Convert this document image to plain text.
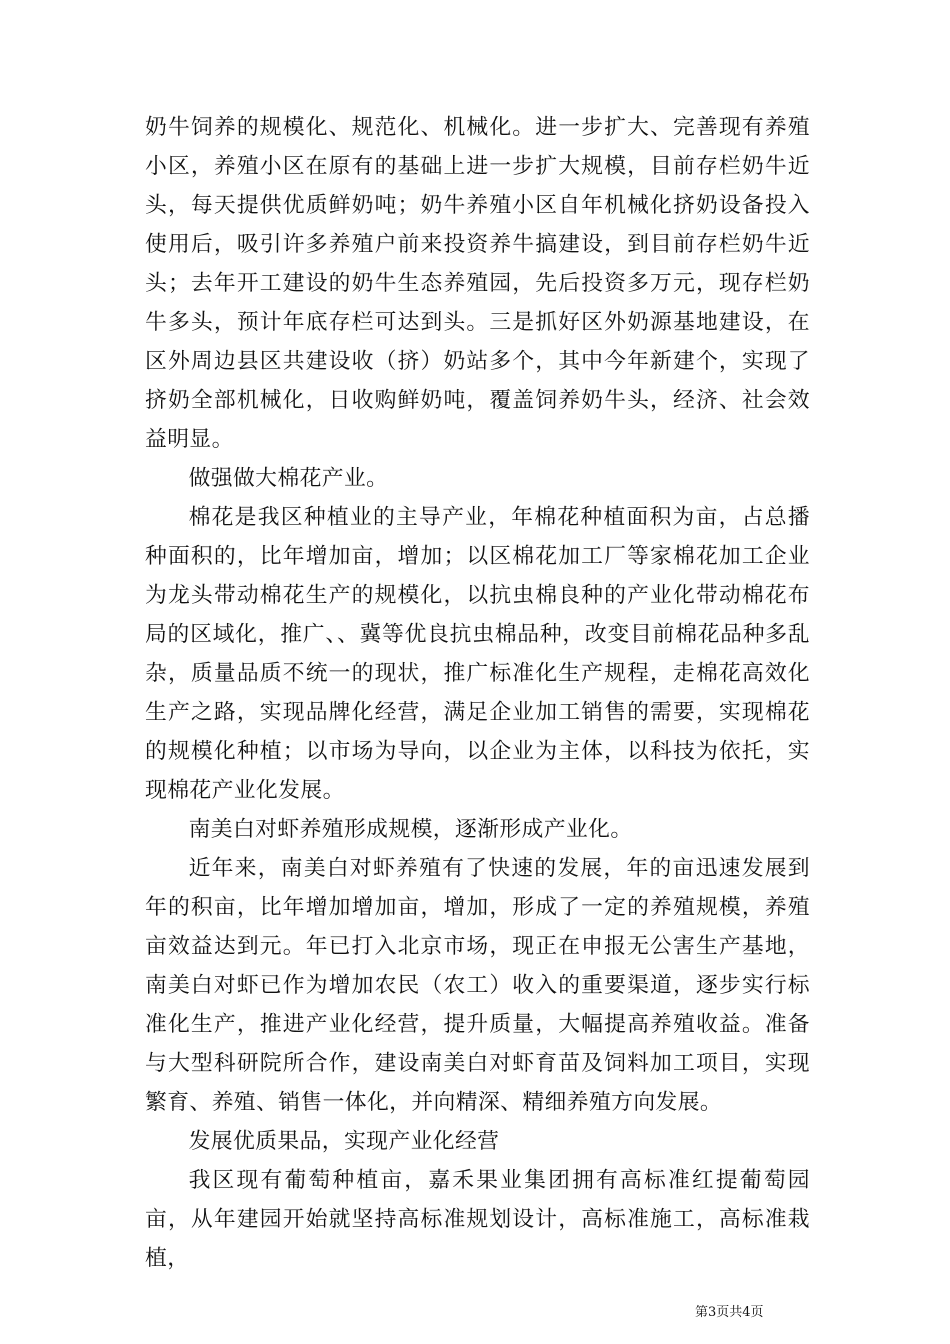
奶牛饲养的规模化、规范化、机械化。进一步扩大、完善现有养殖小区，养殖小区在原有的基础上进一步扩大规模，目前存栏奶牛近头，每天提供优质鲜奶吨；奶牛养殖小区自年机械化挤奶设备投入使用后，吸引许多养殖户前来投资养牛搞建设，到目前存栏奶牛近头；去年开工建设的奶牛生态养殖园，先后投资多万元，现存栏奶牛多头，预计年底存栏可达到头。三是抓好区外奶源基地建设，在区外周边县区共建设收（挤）奶站多个，其中今年新建个，实现了挤奶全部机械化，日收购鲜奶吨，覆盖饲养奶牛头，经济、社会效益明显。

做强做大棉花产业。

棉花是我区种植业的主导产业，年棉花种植面积为亩，占总播种面积的，比年增加亩，增加；以区棉花加工厂等家棉花加工企业为龙头带动棉花生产的规模化，以抗虫棉良种的产业化带动棉花布局的区域化，推广、、冀等优良抗虫棉品种，改变目前棉花品种多乱杂，质量品质不统一的现状，推广标准化生产规程，走棉花高效化生产之路，实现品牌化经营，满足企业加工销售的需要，实现棉花的规模化种植；以市场为导向，以企业为主体，以科技为依托，实现棉花产业化发展。

南美白对虾养殖形成规模，逐渐形成产业化。

近年来，南美白对虾养殖有了快速的发展，年的亩迅速发展到年的积亩，比年增加增加亩，增加，形成了一定的养殖规模，养殖亩效益达到元。年已打入北京市场，现正在申报无公害生产基地，南美白对虾已作为增加农民（农工）收入的重要渠道，逐步实行标准化生产，推进产业化经营，提升质量，大幅提高养殖收益。准备与大型科研院所合作，建设南美白对虾育苗及饲料加工项目，实现繁育、养殖、销售一体化，并向精深、精细养殖方向发展。

发展优质果品，实现产业化经营

我区现有葡萄种植亩，嘉禾果业集团拥有高标准红提葡萄园亩，从年建园开始就坚持高标准规划设计，高标准施工，高标准栽植，

第3页共4页
